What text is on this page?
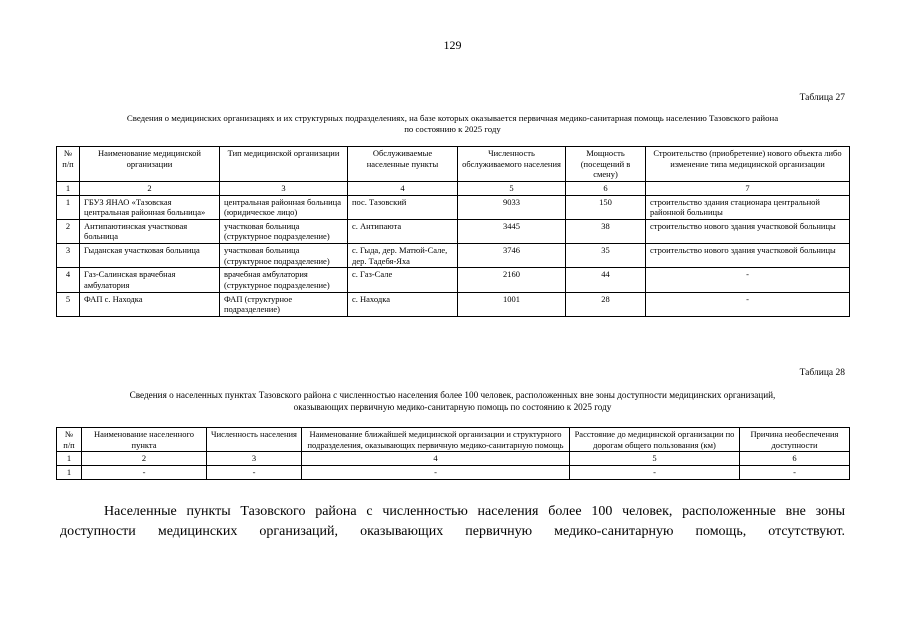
129
Таблица 27
Сведения о медицинских организациях и их структурных подразделениях, на базе которых оказывается первичная медико-санитарная помощь населению Тазовского района
по состоянию к 2025 году
№ п/п	Наименование медицинской организации	Тип медицинской организации	Обслуживаемые населенные пункты	Численность обслуживаемого населения	Мощность (посещений в смену)	Строительство (приобретение) нового объекта либо изменение типа медицинской организации
1	2	3	4	5	6	7
1	ГБУЗ ЯНАО «Тазовская центральная районная больница»	центральная районная больница (юридическое лицо)	пос. Тазовский	9033	150	строительство здания стационара центральной районной больницы
2	Антипаютинская участковая больница	участковая больница (структурное подразделение)	с. Антипаюта	3445	38	строительство нового здания участковой больницы
3	Гыданская участковая больница	участковая больница (структурное подразделение)	с. Гыда, дер. Матюй-Сале, дер. Тадебя-Яха	3746	35	строительство нового здания участковой больницы
4	Газ-Салинская врачебная амбулатория	врачебная амбулатория (структурное подразделение)	с. Газ-Сале	2160	44	-
5	ФАП с. Находка	ФАП (структурное подразделение)	с. Находка	1001	28	-
Таблица 28
Сведения о населенных пунктах Тазовского района с численностью населения более 100 человек, расположенных вне зоны доступности медицинских организаций,
оказывающих первичную медико-санитарную помощь по состоянию к 2025 году
№ п/п	Наименование населенного пункта	Численность населения	Наименование ближайшей медицинской организации и структурного подразделения, оказывающих первичную медико-санитарную помощь	Расстояние до медицинской организации по дорогам общего пользования (км)	Причина необеспечения доступности
1	2	3	4	5	6
1	-	-	-	-	-
Населенные пункты Тазовского района с численностью населения более 100 человек, расположенные вне зоны доступности медицинских организаций, оказывающих первичную медико-санитарную помощь, отсутствуют.
